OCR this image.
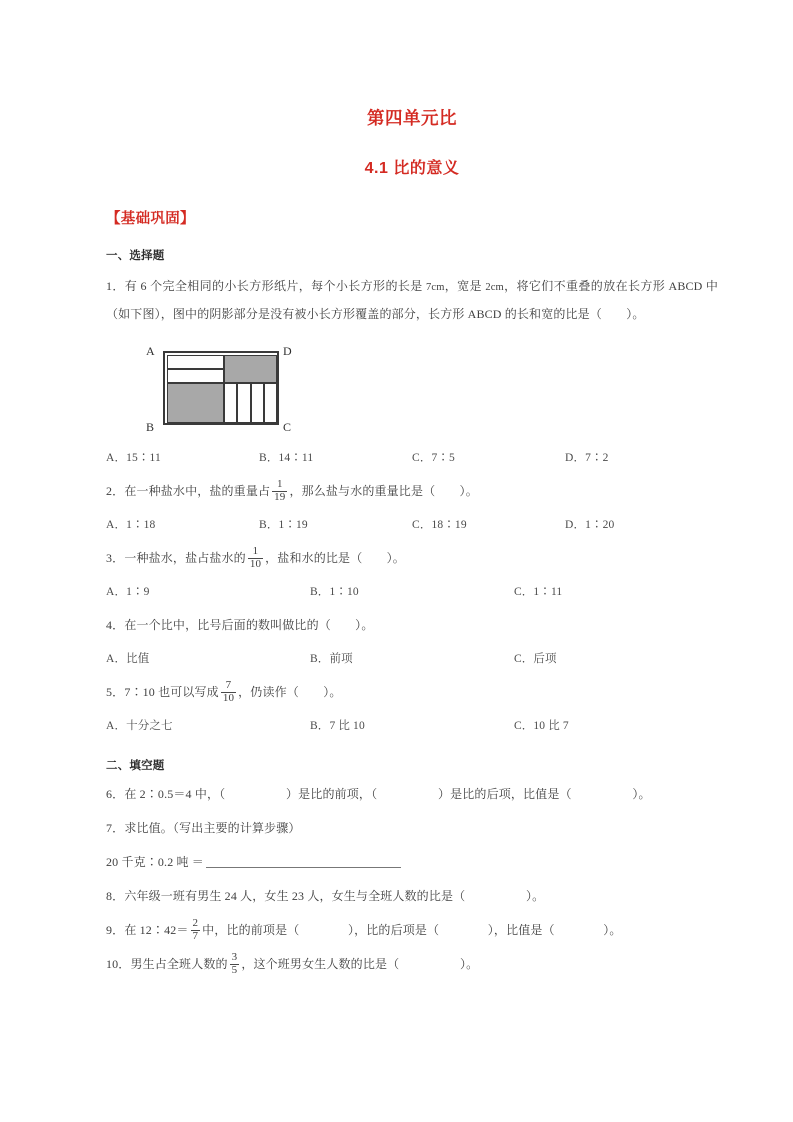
第四单元比
4.1 比的意义
【基础巩固】
一、选择题

1．有 6 个完全相同的小长方形纸片，每个小长方形的长是 7cm，宽是 2cm，将它们不重叠的放在长方形 ABCD 中（如下图），图中的阴影部分是没有被小长方形覆盖的部分，长方形 ABCD 的长和宽的比是（　　）。

A	D
B	C
A．15∶11	B．14∶11	C．7∶5	D．7∶2

2．在一种盐水中，盐的重量占 $\frac{1}{19}$ ，那么盐与水的重量比是（　　）。

A．1∶18	B．1∶19	C．18∶19	D．1∶20

3．一种盐水，盐占盐水的 $\frac{1}{10}$ ，盐和水的比是（　　）。

A．1∶9	B．1∶10	C．1∶11

4．在一个比中，比号后面的数叫做比的（　　）。

A．比值	B．前项	C．后项

5．7∶10 也可以写成 $\frac{7}{10}$ ，仍读作（　　）。

A．十分之七	B．7 比 10	C．10 比 7
二、填空题

6．在 2∶0.5＝4 中，（　　　　　）是比的前项，（　　　　　）是比的后项，比值是（　　　　　）。

7．求比值。（写出主要的计算步骤）

20 千克∶0.2 吨 ＝

8．六年级一班有男生 24 人，女生 23 人，女生与全班人数的比是（　　　　　）。

9．在 12∶42＝ $\frac{2}{7}$ 中，比的前项是（　　　　），比的后项是（　　　　），比值是（　　　　）。

10．男生占全班人数的 $\frac{3}{5}$ ，这个班男女生人数的比是（　　　　　）。
